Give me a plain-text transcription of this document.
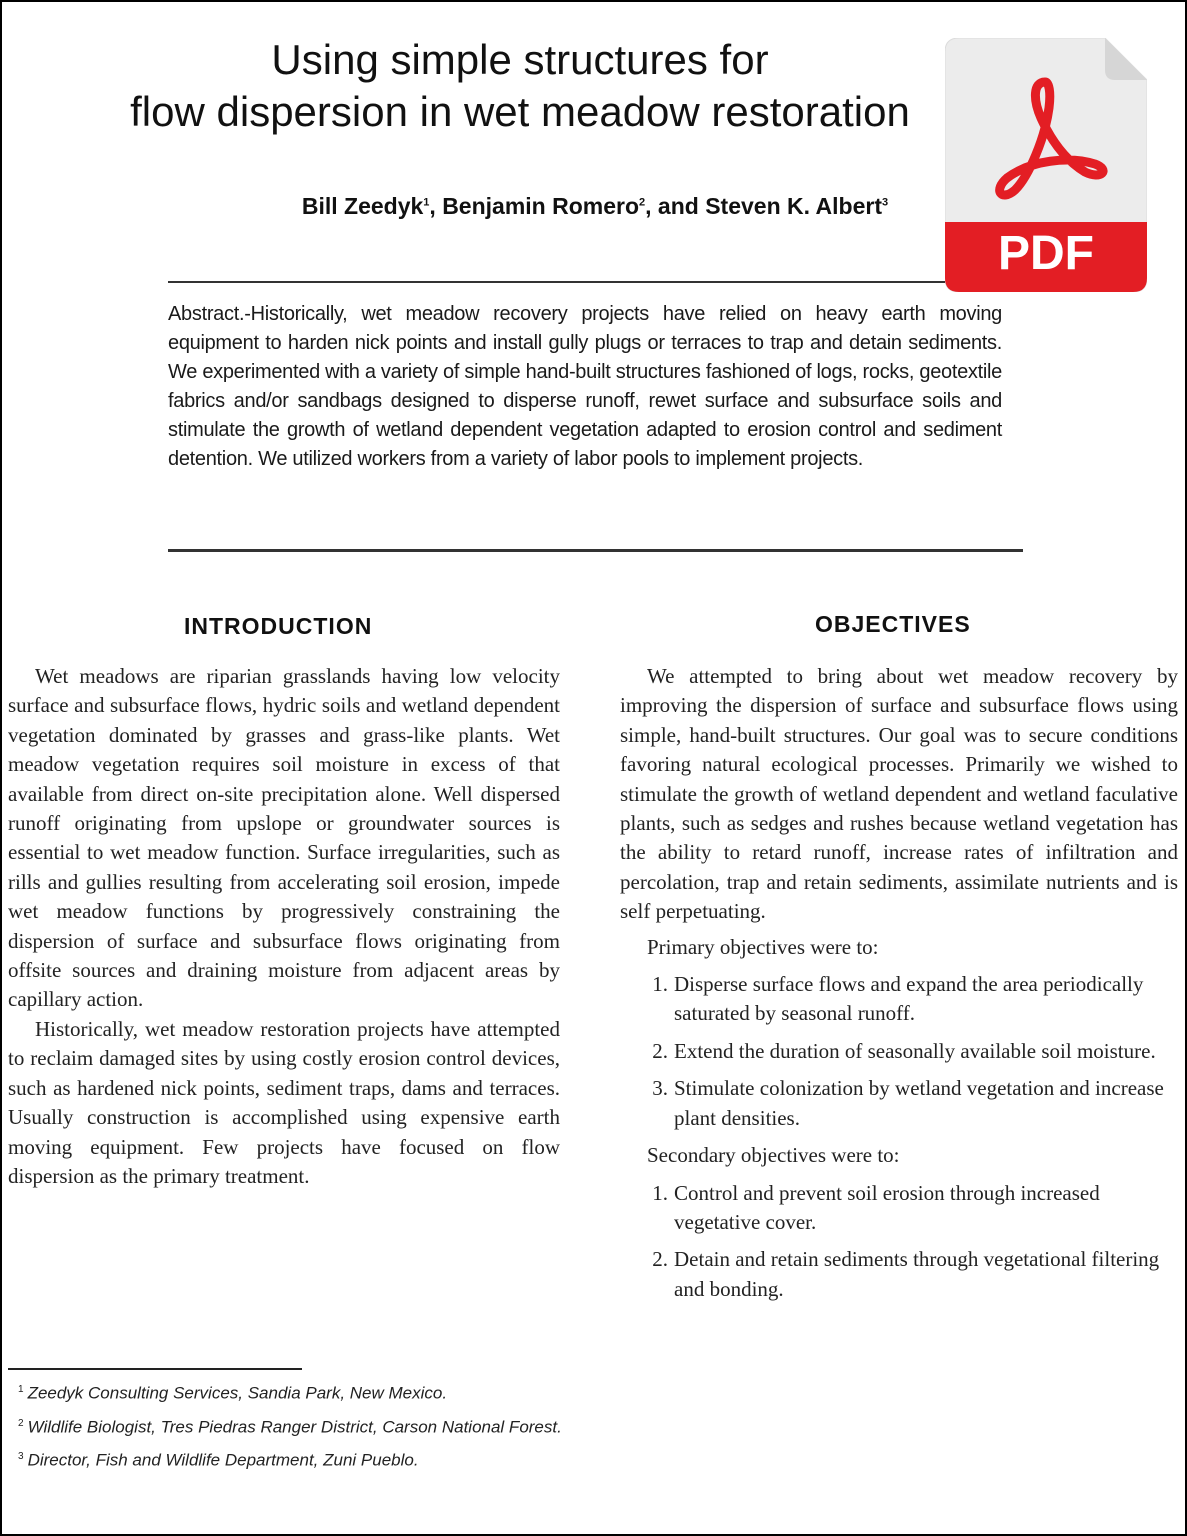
Using simple structures for
flow dispersion in wet meadow restoration
Bill Zeedyk$^1$, Benjamin Romero$^2$, and Steven K. Albert$^3$
Abstract.-Historically, wet meadow recovery projects have relied on heavy earth moving equipment to harden nick points and install gully plugs or terraces to trap and detain sediments. We experimented with a variety of simple hand-built structures fashioned of logs, rocks, geotextile fabrics and/or sandbags designed to disperse runoff, rewet surface and subsurface soils and stimulate the growth of wetland dependent vegetation adapted to erosion control and sediment detention. We utilized workers from a variety of labor pools to implement projects.
INTRODUCTION	OBJECTIVES

Wet meadows are riparian grasslands having low velocity surface and subsurface flows, hydric soils and wetland dependent vegetation dominated by grasses and grass-like plants. Wet meadow vegetation requires soil moisture in excess of that available from direct on-site precipitation alone. Well dispersed runoff originating from upslope or groundwater sources is essential to wet meadow function. Surface irregularities, such as rills and gullies resulting from accelerating soil erosion, impede wet meadow functions by progressively constraining the dispersion of surface and subsurface flows originating from offsite sources and draining moisture from adjacent areas by capillary action.

Historically, wet meadow restoration projects have attempted to reclaim damaged sites by using costly erosion control devices, such as hardened nick points, sediment traps, dams and terraces. Usually construction is accomplished using expensive earth moving equipment. Few projects have focused on flow dispersion as the primary treatment.

We attempted to bring about wet meadow recovery by improving the dispersion of surface and subsurface flows using simple, hand-built structures. Our goal was to secure conditions favoring natural ecological processes. Primarily we wished to stimulate the growth of wetland dependent and wetland faculative plants, such as sedges and rushes because wetland vegetation has the ability to retard runoff, increase rates of infiltration and percolation, trap and retain sediments, assimilate nutrients and is self perpetuating.

Primary objectives were to:

1. Disperse surface flows and expand the area periodically saturated by seasonal runoff.
2. Extend the duration of seasonally available soil moisture.
3. Stimulate colonization by wetland vegetation and increase plant densities.

Secondary objectives were to:

1. Control and prevent soil erosion through increased vegetative cover.
2. Detain and retain sediments through vegetational filtering and bonding.

$^1$ Zeedyk Consulting Services, Sandia Park, New Mexico.

$^2$ Wildlife Biologist, Tres Piedras Ranger District, Carson National Forest.

$^3$ Director, Fish and Wildlife Department, Zuni Pueblo.

PDF
